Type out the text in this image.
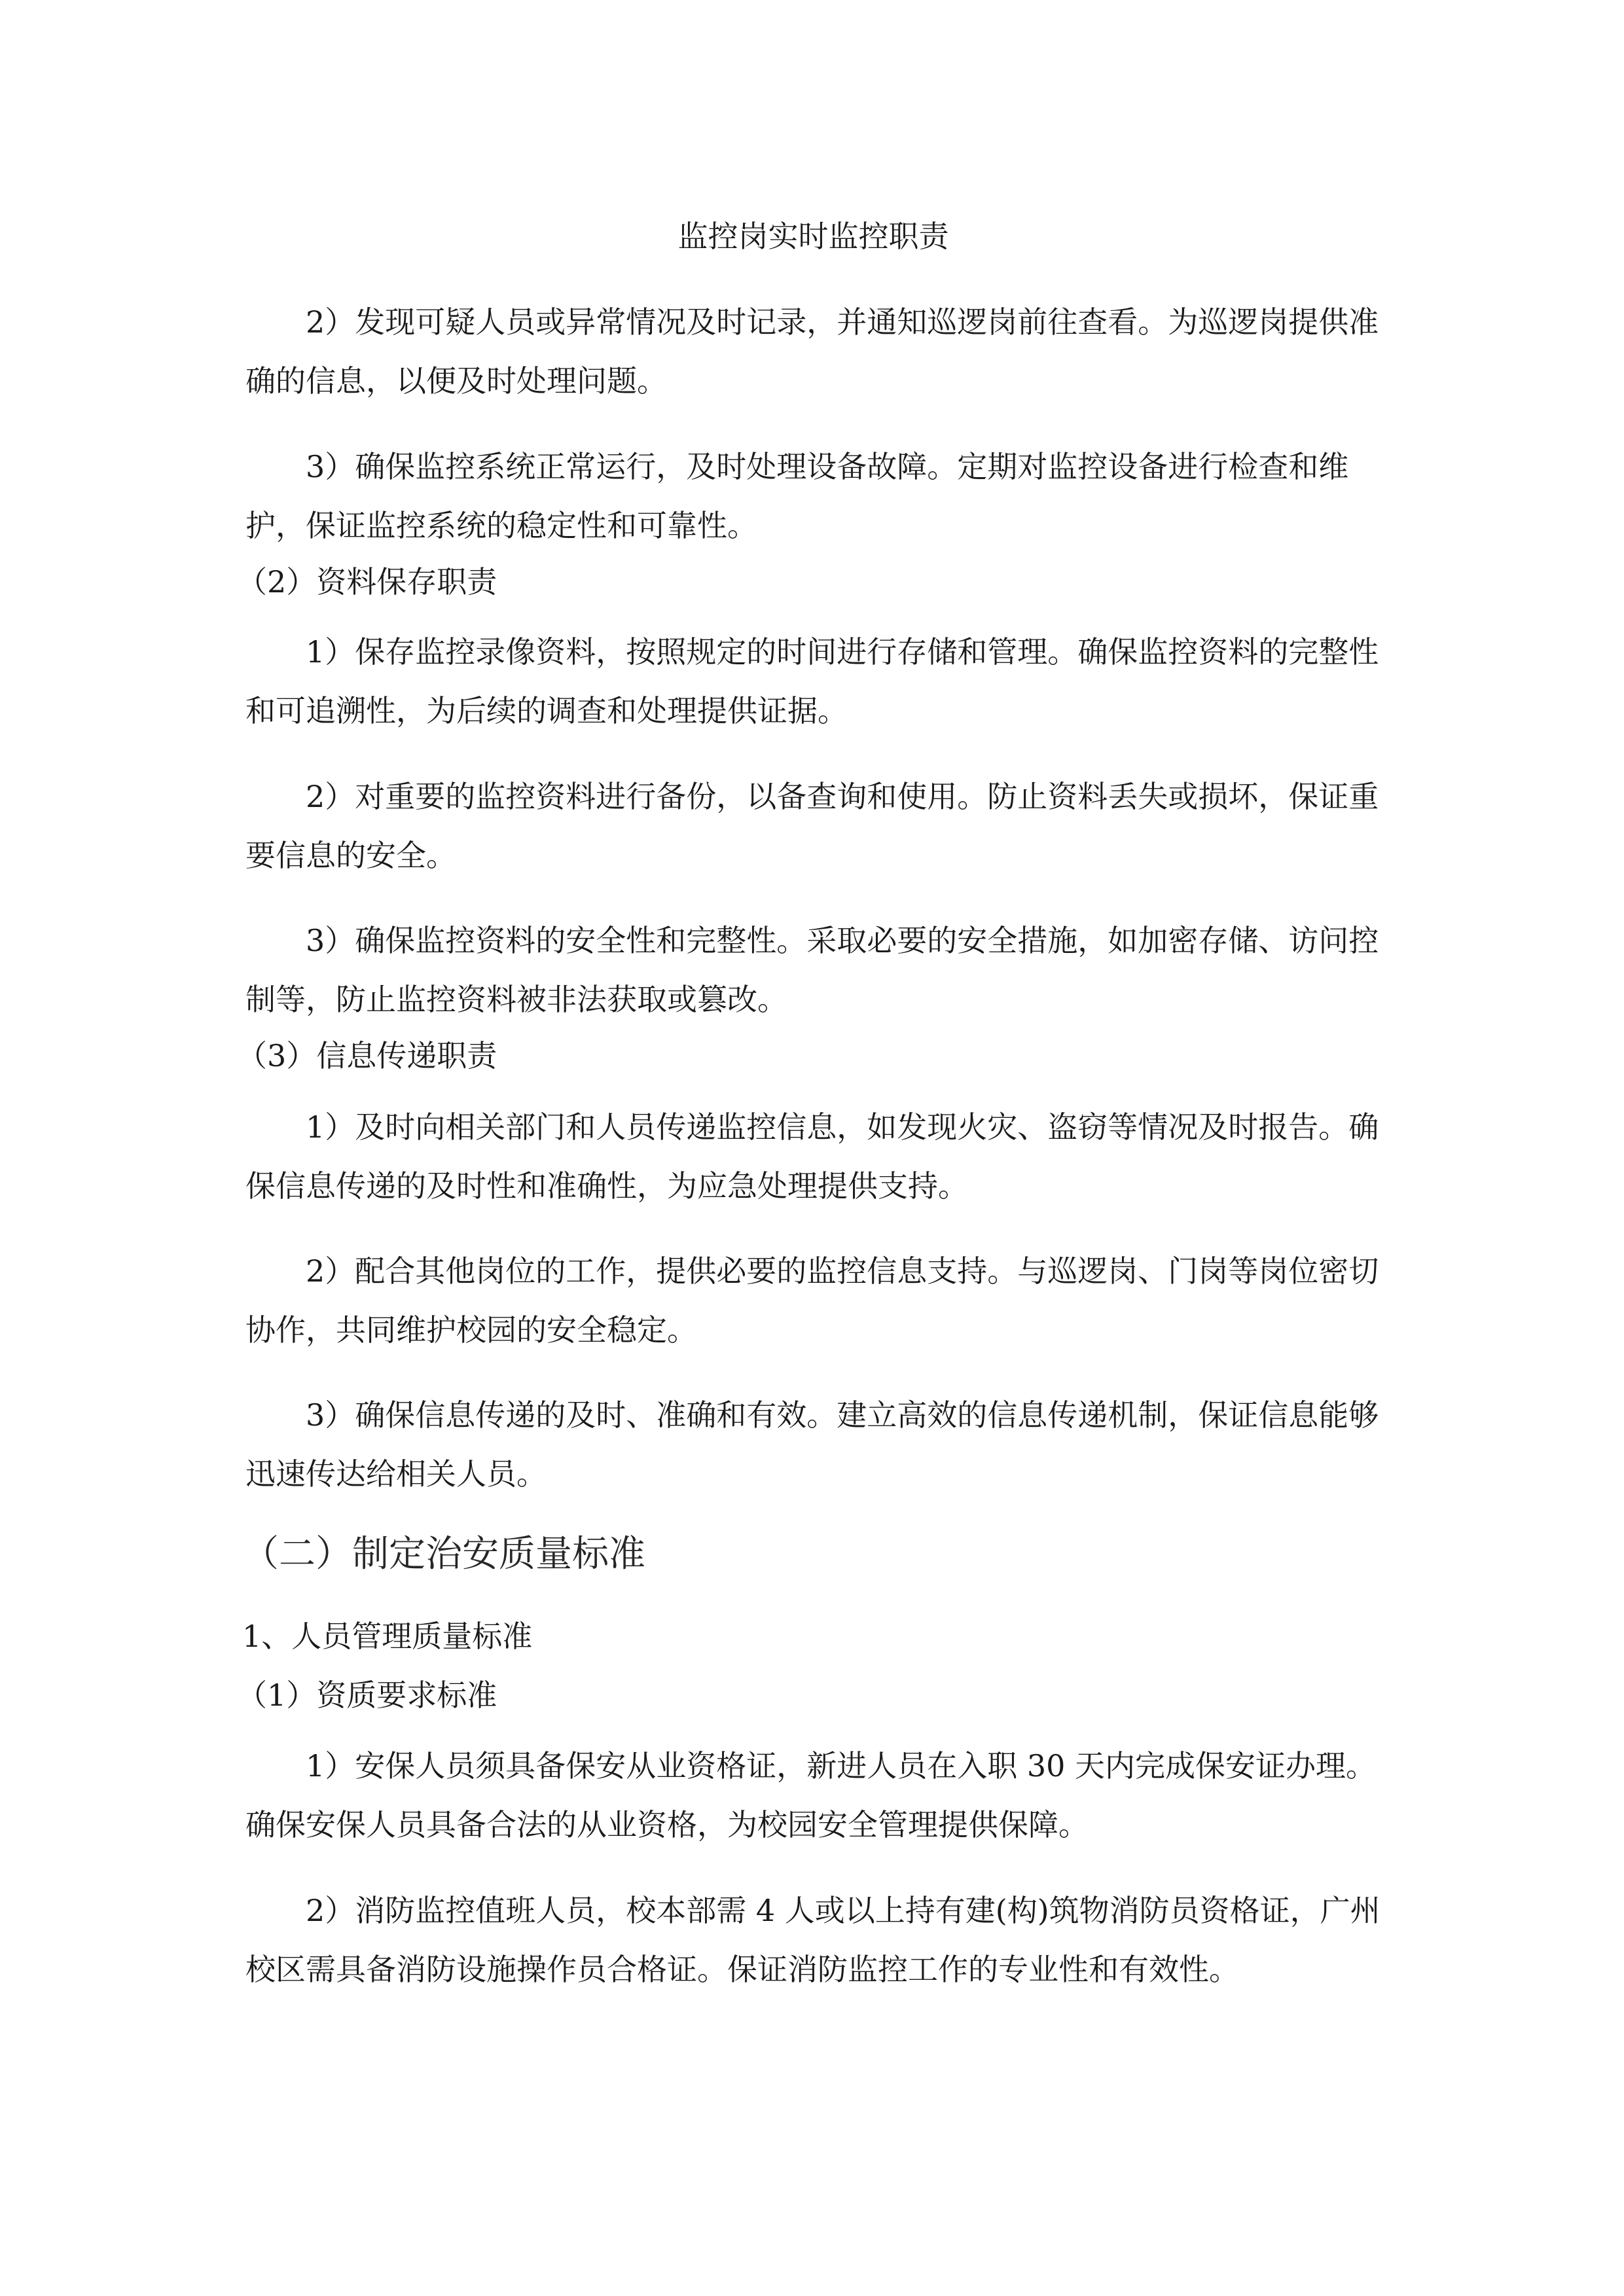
监控岗实时监控职责

2）发现可疑人员或异常情况及时记录，并通知巡逻岗前往查看。为巡逻岗提供准确的信息，以便及时处理问题。

3）确保监控系统正常运行，及时处理设备故障。定期对监控设备进行检查和维护，保证监控系统的稳定性和可靠性。

（2）资料保存职责

1）保存监控录像资料，按照规定的时间进行存储和管理。确保监控资料的完整性和可追溯性，为后续的调查和处理提供证据。

2）对重要的监控资料进行备份，以备查询和使用。防止资料丢失或损坏，保证重要信息的安全。

3）确保监控资料的安全性和完整性。采取必要的安全措施，如加密存储、访问控制等，防止监控资料被非法获取或篡改。

（3）信息传递职责

1）及时向相关部门和人员传递监控信息，如发现火灾、盗窃等情况及时报告。确保信息传递的及时性和准确性，为应急处理提供支持。

2）配合其他岗位的工作，提供必要的监控信息支持。与巡逻岗、门岗等岗位密切协作，共同维护校园的安全稳定。

3）确保信息传递的及时、准确和有效。建立高效的信息传递机制，保证信息能够迅速传达给相关人员。

（二）制定治安质量标准

1、人员管理质量标准

（1）资质要求标准

1）安保人员须具备保安从业资格证，新进人员在入职 30 天内完成保安证办理。确保安保人员具备合法的从业资格，为校园安全管理提供保障。

2）消防监控值班人员，校本部需 4 人或以上持有建(构)筑物消防员资格证，广州校区需具备消防设施操作员合格证。保证消防监控工作的专业性和有效性。
